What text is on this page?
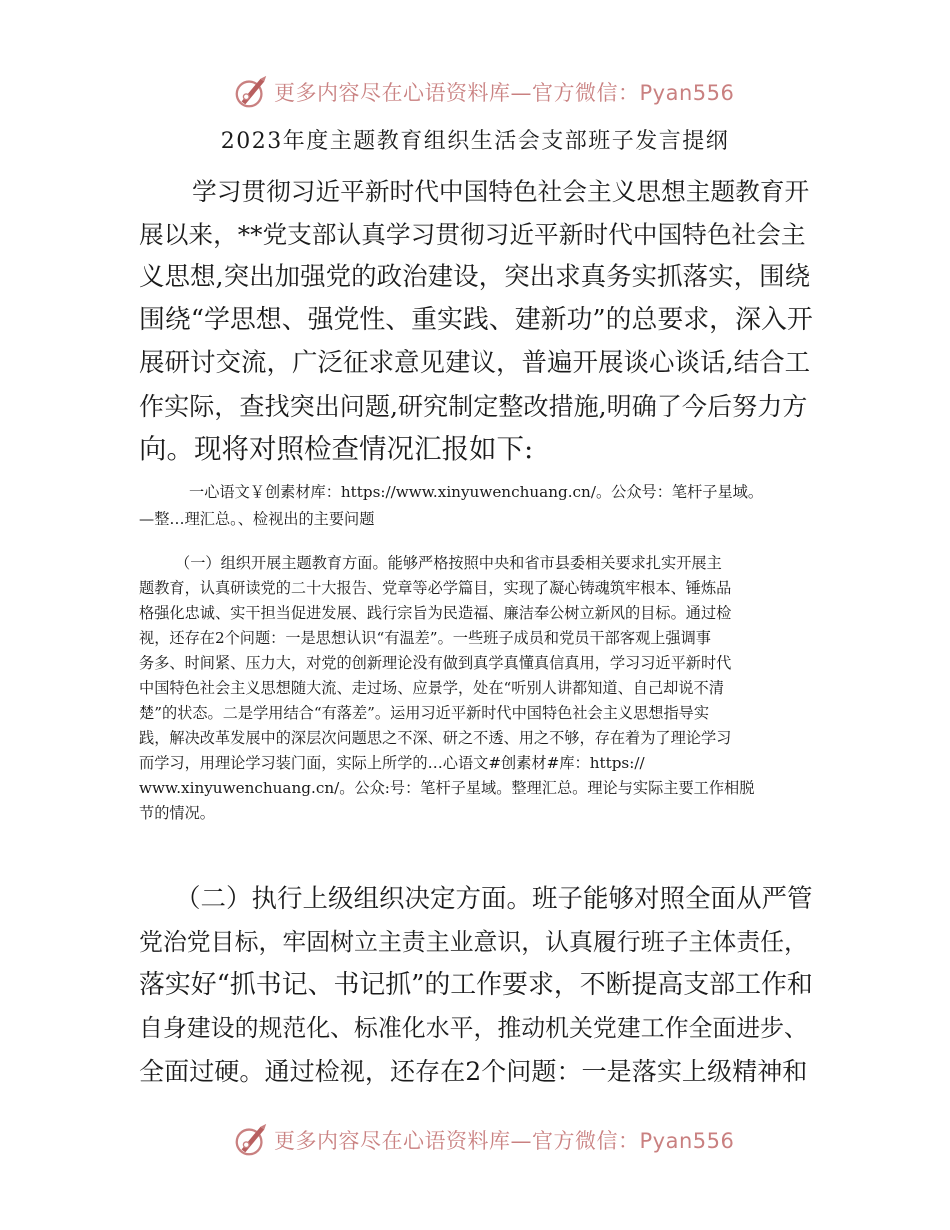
更多内容尽在心语资料库—官方微信：Pyan556
2023年度主题教育组织生活会支部班子发言提纲
学习贯彻习近平新时代中国特色社会主义思想主题教育开
展以来，**党支部认真学习贯彻习近平新时代中国特色社会主
义思想,突出加强党的政治建设，突出求真务实抓落实，围绕
围绕“学思想、强党性、重实践、建新功”的总要求，深入开
展研讨交流，广泛征求意见建议，普遍开展谈心谈话,结合工
作实际，查找突出问题,研究制定整改措施,明确了今后努力方
向。现将对照检查情况汇报如下:
一心语文￥创素材库：https://www.xinyuwenchuang.cn/。公众号：笔杆子星域。
—整…理汇总。、检视出的主要问题
（一）组织开展主题教育方面。能够严格按照中央和省市县委相关要求扎实开展主
题教育，认真研读党的二十大报告、党章等必学篇目，实现了凝心铸魂筑牢根本、锤炼品
格强化忠诚、实干担当促进发展、践行宗旨为民造福、廉洁奉公树立新风的目标。通过检
视，还存在2个问题：一是思想认识“有温差”。一些班子成员和党员干部客观上强调事
务多、时间紧、压力大，对党的创新理论没有做到真学真懂真信真用，学习习近平新时代
中国特色社会主义思想随大流、走过场、应景学，处在“听别人讲都知道、自己却说不清
楚”的状态。二是学用结合“有落差”。运用习近平新时代中国特色社会主义思想指导实
践，解决改革发展中的深层次问题思之不深、研之不透、用之不够，存在着为了理论学习
而学习，用理论学习装门面，实际上所学的…心语文#创素材#库：https://
www.xinyuwenchuang.cn/。公众:号：笔杆子星域。整理汇总。理论与实际主要工作相脱
节的情况。
（二）执行上级组织决定方面。班子能够对照全面从严管
党治党目标，牢固树立主责主业意识，认真履行班子主体责任，
落实好“抓书记、书记抓”的工作要求，不断提高支部工作和
自身建设的规范化、标准化水平，推动机关党建工作全面进步、
全面过硬。通过检视，还存在2个问题：一是落实上级精神和
更多内容尽在心语资料库—官方微信：Pyan556
